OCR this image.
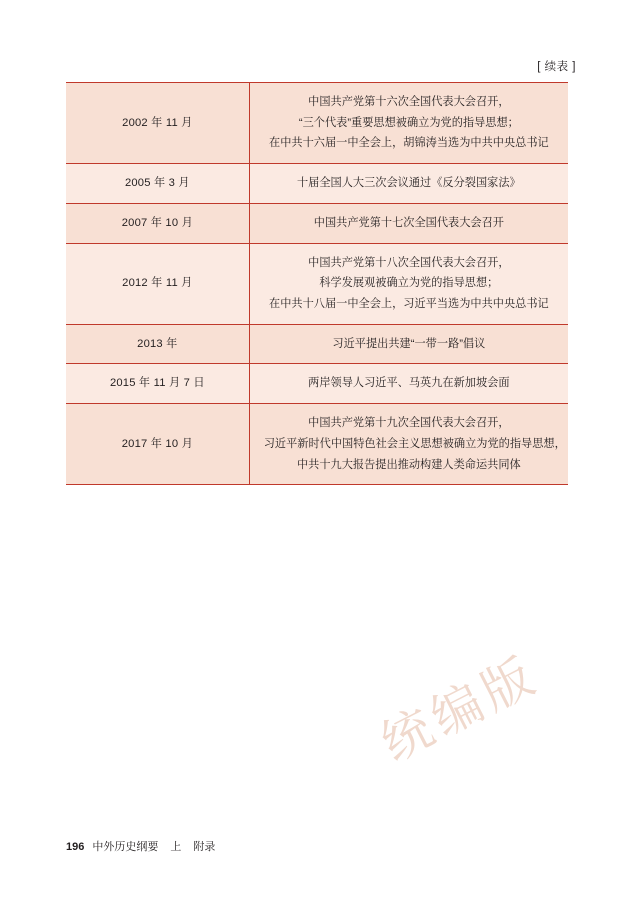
[ 续表 ]
2002 年 11 月	中国共产党第十六次全国代表大会召开，
“三个代表”重要思想被确立为党的指导思想；
在中共十六届一中全会上，胡锦涛当选为中共中央总书记

2005 年 3 月	十届全国人大三次会议通过《反分裂国家法》

2007 年 10 月	中国共产党第十七次全国代表大会召开

2012 年 11 月	中国共产党第十八次全国代表大会召开，
科学发展观被确立为党的指导思想；
在中共十八届一中全会上，习近平当选为中共中央总书记

2013 年	习近平提出共建“一带一路”倡议

2015 年 11 月 7 日	两岸领导人习近平、马英九在新加坡会面

2017 年 10 月	中国共产党第十九次全国代表大会召开，
习近平新时代中国特色社会主义思想被确立为党的指导思想，
中共十九大报告提出推动构建人类命运共同体
统编版
196 中外历史纲要 上 附录
